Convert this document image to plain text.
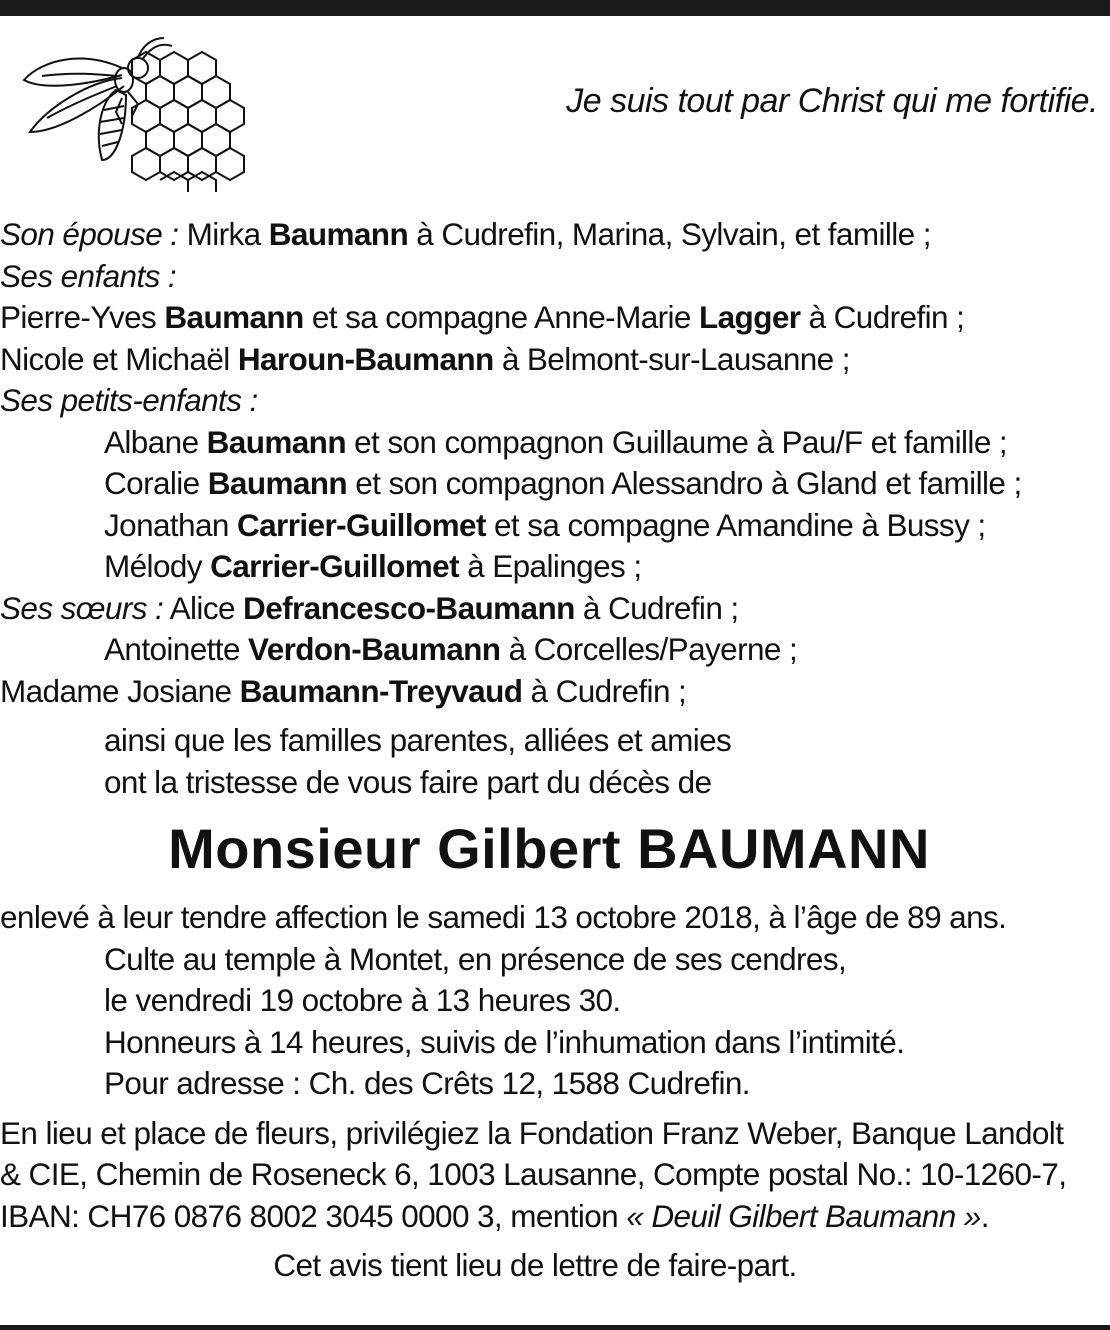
Je suis tout par Christ qui me fortifie.
Son épouse : Mirka Baumann à Cudrefin, Marina, Sylvain, et famille ;
Ses enfants :
Pierre-Yves Baumann et sa compagne Anne-Marie Lagger à Cudrefin ;
Nicole et Michaël Haroun-Baumann à Belmont-sur-Lausanne ;
Ses petits-enfants :
Albane Baumann et son compagnon Guillaume à Pau/F et famille ;
Coralie Baumann et son compagnon Alessandro à Gland et famille ;
Jonathan Carrier-Guillomet et sa compagne Amandine à Bussy ;
Mélody Carrier-Guillomet à Epalinges ;
Ses sœurs : Alice Defrancesco-Baumann à Cudrefin ;
Antoinette Verdon-Baumann à Corcelles/Payerne ;
Madame Josiane Baumann-Treyvaud à Cudrefin ;
ainsi que les familles parentes, alliées et amies
ont la tristesse de vous faire part du décès de
Monsieur Gilbert BAUMANN
enlevé à leur tendre affection le samedi 13 octobre 2018, à l’âge de 89 ans.
Culte au temple à Montet, en présence de ses cendres,
le vendredi 19 octobre à 13 heures 30.
Honneurs à 14 heures, suivis de l’inhumation dans l’intimité.
Pour adresse : Ch. des Crêts 12, 1588 Cudrefin.
En lieu et place de fleurs, privilégiez la Fondation Franz Weber, Banque Landolt
& CIE, Chemin de Roseneck 6, 1003 Lausanne, Compte postal No.: 10-1260-7,
IBAN: CH76 0876 8002 3045 0000 3, mention « Deuil Gilbert Baumann ».
Cet avis tient lieu de lettre de faire-part.
